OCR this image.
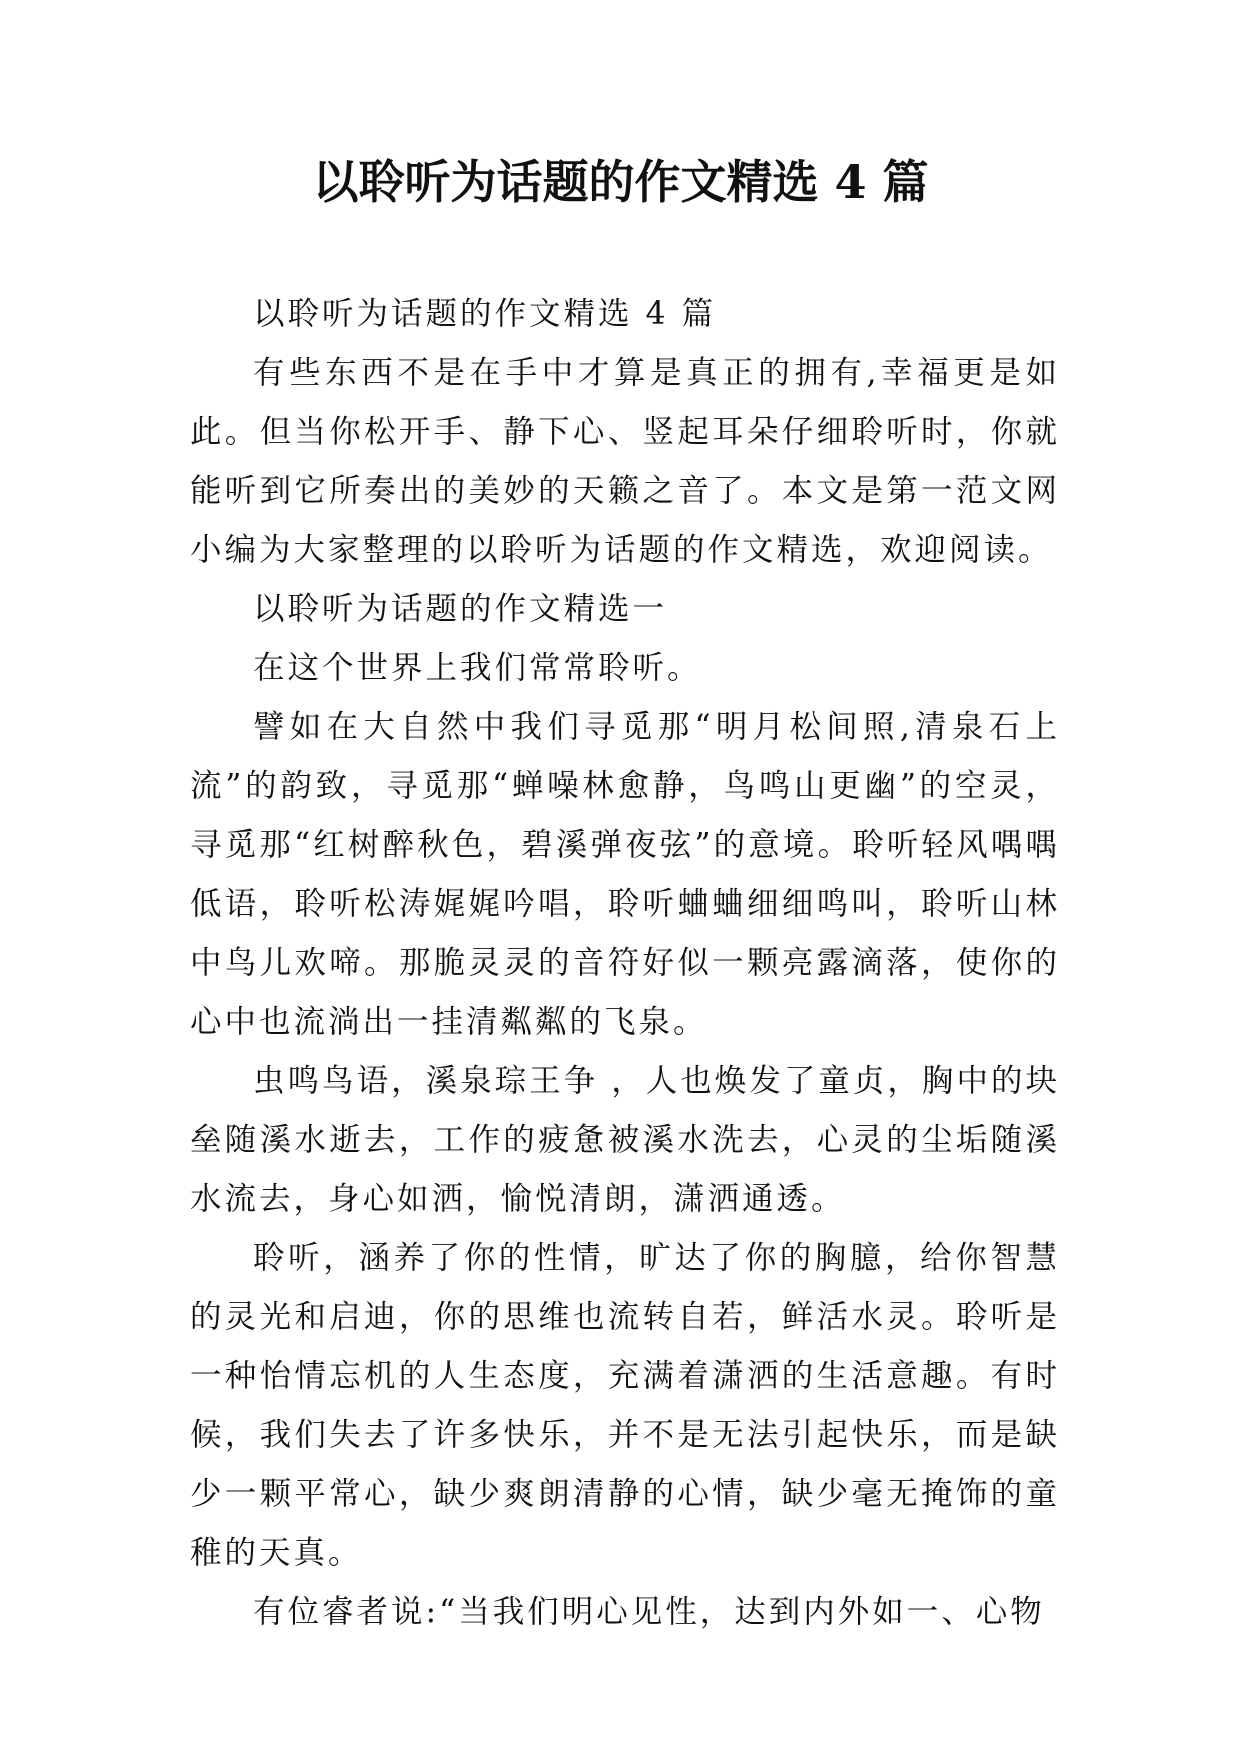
以聆听为话题的作文精选 4 篇

以聆听为话题的作文精选 4 篇

有些东西不是在手中才算是真正的拥有,幸福更是如此。但当你松开手、静下心、竖起耳朵仔细聆听时，你就能听到它所奏出的美妙的天籁之音了。本文是第一范文网小编为大家整理的以聆听为话题的作文精选，欢迎阅读。

以聆听为话题的作文精选一

在这个世界上我们常常聆听。

譬如在大自然中我们寻觅那“明月松间照,清泉石上流”的韵致，寻觅那“蝉噪林愈静，鸟鸣山更幽”的空灵，寻觅那“红树醉秋色，碧溪弹夜弦”的意境。聆听轻风喁喁低语，聆听松涛娓娓吟唱，聆听蛐蛐细细鸣叫，聆听山林中鸟儿欢啼。那脆灵灵的音符好似一颗亮露滴落，使你的心中也流淌出一挂清粼粼的飞泉。

虫鸣鸟语，溪泉琮王争 ，人也焕发了童贞，胸中的块垒随溪水逝去，工作的疲惫被溪水洗去，心灵的尘垢随溪水流去，身心如洒，愉悦清朗，潇洒通透。

聆听，涵养了你的性情，旷达了你的胸臆，给你智慧的灵光和启迪，你的思维也流转自若，鲜活水灵。聆听是一种怡情忘机的人生态度，充满着潇洒的生活意趣。有时候，我们失去了许多快乐，并不是无法引起快乐，而是缺少一颗平常心，缺少爽朗清静的心情，缺少毫无掩饰的童稚的天真。

有位睿者说:“当我们明心见性，达到内外如一、心物
